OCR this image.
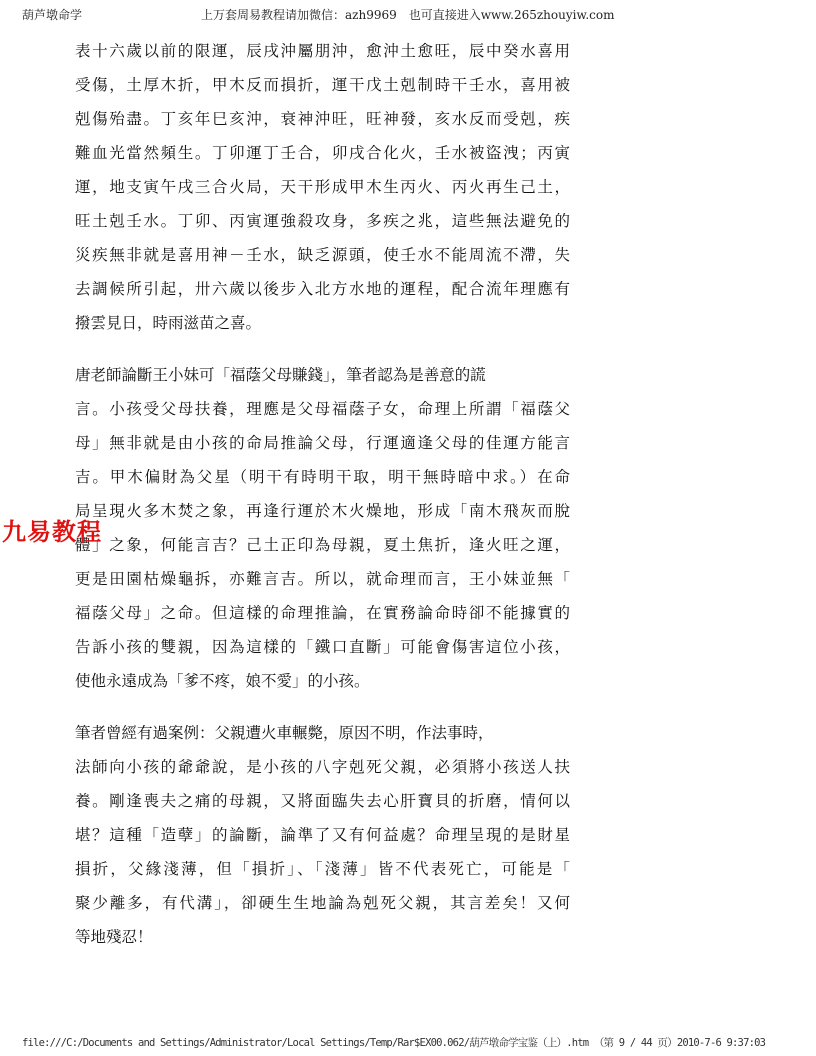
葫芦墩命学	上万套周易教程请加微信：azh9969　也可直接进入www.265zhouyiw.com
表十六歲以前的限運，辰戌沖屬朋沖，愈沖土愈旺，辰中癸水喜用
受傷，土厚木折，甲木反而損折，運干戊土剋制時干壬水，喜用被
剋傷殆盡。丁亥年巳亥沖，衰神沖旺，旺神發，亥水反而受剋，疾
難血光當然頻生。丁卯運丁壬合，卯戌合化火，壬水被盜洩；丙寅
運，地支寅午戌三合火局，天干形成甲木生丙火、丙火再生己土，
旺土剋壬水。丁卯、丙寅運強殺攻身，多疾之兆，這些無法避免的
災疾無非就是喜用神－壬水，缺乏源頭，使壬水不能周流不滯，失
去調候所引起，卅六歲以後步入北方水地的運程，配合流年理應有
撥雲見日，時雨滋苗之喜。
唐老師論斷王小妹可「福蔭父母賺錢」，筆者認為是善意的謊
言。小孩受父母扶養，理應是父母福蔭子女，命理上所謂「福蔭父
母」無非就是由小孩的命局推論父母，行運適逢父母的佳運方能言
吉。甲木偏財為父星（明干有時明干取，明干無時暗中求。）在命
局呈現火多木焚之象，再逢行運於木火燥地，形成「南木飛灰而脫
體」之象，何能言吉？己土正印為母親，夏土焦折，逢火旺之運，
更是田園枯燥龜拆，亦難言吉。所以，就命理而言，王小妹並無「
福蔭父母」之命。但這樣的命理推論，在實務論命時卻不能據實的
告訴小孩的雙親，因為這樣的「鐵口直斷」可能會傷害這位小孩，
使他永遠成為「爹不疼，娘不愛」的小孩。
筆者曾經有過案例：父親遭火車輾斃，原因不明，作法事時，
法師向小孩的爺爺說，是小孩的八字剋死父親，必須將小孩送人扶
養。剛逢喪夫之痛的母親，又將面臨失去心肝寶貝的折磨，情何以
堪？這種「造孽」的論斷，論準了又有何益處？命理呈現的是財星
損折，父緣淺薄，但「損折」、「淺薄」皆不代表死亡，可能是「
聚少離多，有代溝」，卻硬生生地論為剋死父親，其言差矣！又何
等地殘忍！
九易教程
file:///C:/Documents and Settings/Administrator/Local Settings/Temp/Rar$EX00.062/葫芦墩命学宝鉴（上）.htm （第 9 / 44 页）2010-7-6 9:37:03
